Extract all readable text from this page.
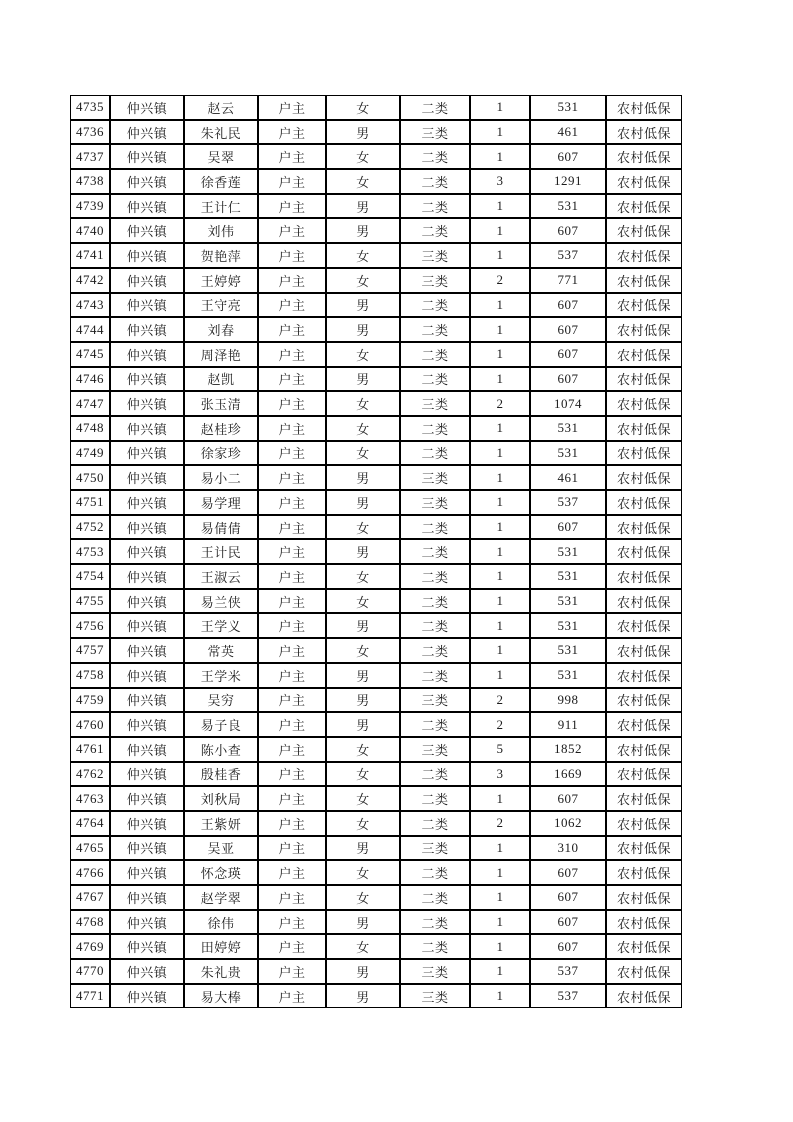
4735	仲兴镇	赵云	户主	女	二类	1	531	农村低保
4736	仲兴镇	朱礼民	户主	男	三类	1	461	农村低保
4737	仲兴镇	吴翠	户主	女	二类	1	607	农村低保
4738	仲兴镇	徐香莲	户主	女	二类	3	1291	农村低保
4739	仲兴镇	王计仁	户主	男	二类	1	531	农村低保
4740	仲兴镇	刘伟	户主	男	二类	1	607	农村低保
4741	仲兴镇	贺艳萍	户主	女	三类	1	537	农村低保
4742	仲兴镇	王婷婷	户主	女	三类	2	771	农村低保
4743	仲兴镇	王守亮	户主	男	二类	1	607	农村低保
4744	仲兴镇	刘春	户主	男	二类	1	607	农村低保
4745	仲兴镇	周泽艳	户主	女	二类	1	607	农村低保
4746	仲兴镇	赵凯	户主	男	二类	1	607	农村低保
4747	仲兴镇	张玉清	户主	女	三类	2	1074	农村低保
4748	仲兴镇	赵桂珍	户主	女	二类	1	531	农村低保
4749	仲兴镇	徐家珍	户主	女	二类	1	531	农村低保
4750	仲兴镇	易小二	户主	男	三类	1	461	农村低保
4751	仲兴镇	易学理	户主	男	三类	1	537	农村低保
4752	仲兴镇	易倩倩	户主	女	二类	1	607	农村低保
4753	仲兴镇	王计民	户主	男	二类	1	531	农村低保
4754	仲兴镇	王淑云	户主	女	二类	1	531	农村低保
4755	仲兴镇	易兰侠	户主	女	二类	1	531	农村低保
4756	仲兴镇	王学义	户主	男	二类	1	531	农村低保
4757	仲兴镇	常英	户主	女	二类	1	531	农村低保
4758	仲兴镇	王学米	户主	男	二类	1	531	农村低保
4759	仲兴镇	吴穷	户主	男	三类	2	998	农村低保
4760	仲兴镇	易子良	户主	男	二类	2	911	农村低保
4761	仲兴镇	陈小查	户主	女	三类	5	1852	农村低保
4762	仲兴镇	殷桂香	户主	女	二类	3	1669	农村低保
4763	仲兴镇	刘秋局	户主	女	二类	1	607	农村低保
4764	仲兴镇	王紫妍	户主	女	二类	2	1062	农村低保
4765	仲兴镇	吴亚	户主	男	三类	1	310	农村低保
4766	仲兴镇	怀念瑛	户主	女	二类	1	607	农村低保
4767	仲兴镇	赵学翠	户主	女	二类	1	607	农村低保
4768	仲兴镇	徐伟	户主	男	二类	1	607	农村低保
4769	仲兴镇	田婷婷	户主	女	二类	1	607	农村低保
4770	仲兴镇	朱礼贵	户主	男	三类	1	537	农村低保
4771	仲兴镇	易大棒	户主	男	三类	1	537	农村低保
